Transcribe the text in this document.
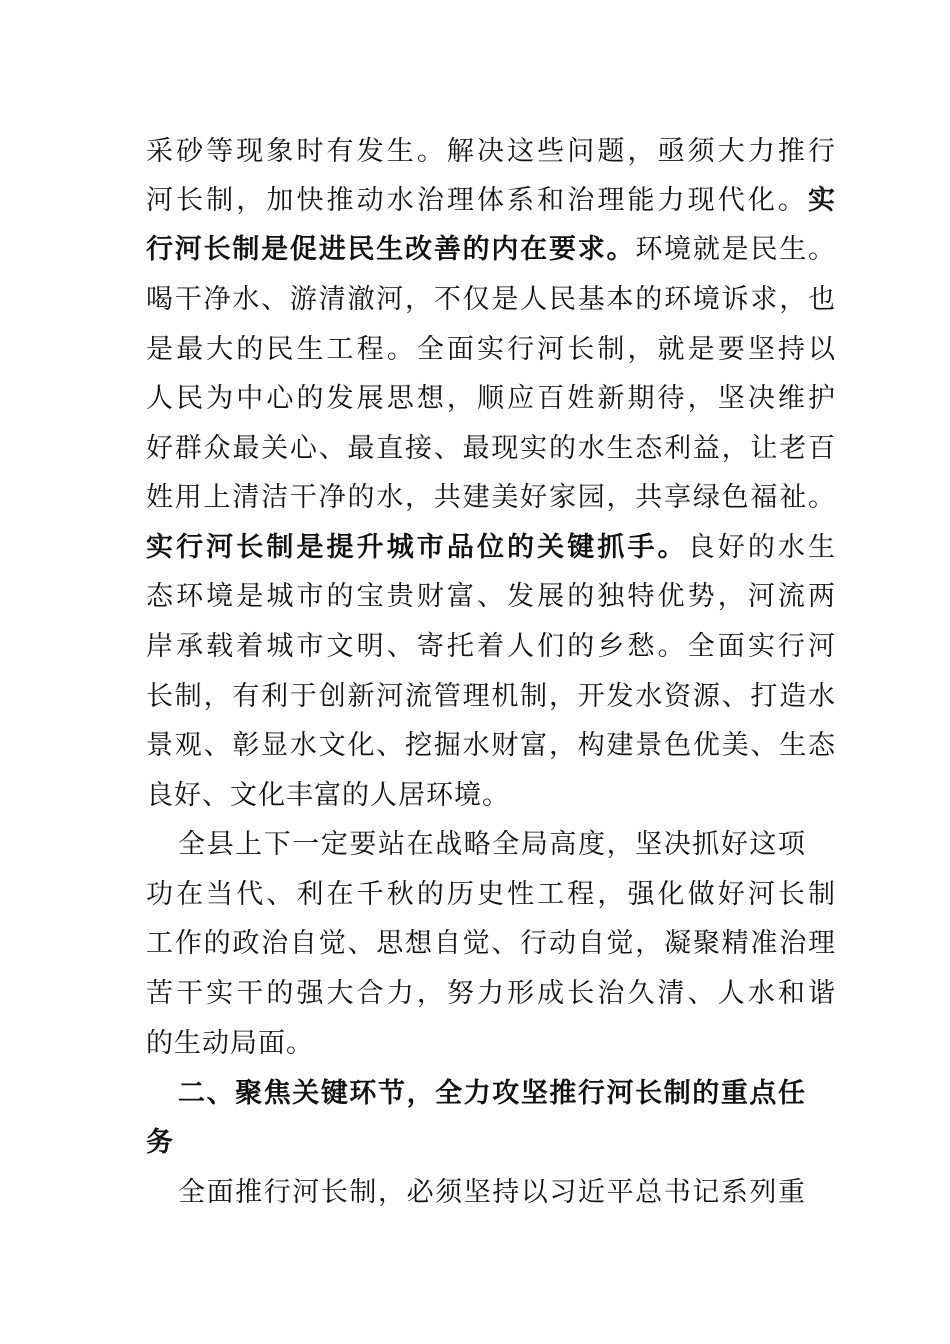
采砂等现象时有发生。解决这些问题，亟须大力推行
河长制，加快推动水治理体系和治理能力现代化。实
行河长制是促进民生改善的内在要求。环境就是民生。
喝干净水、游清澈河，不仅是人民基本的环境诉求，也
是最大的民生工程。全面实行河长制，就是要坚持以
人民为中心的发展思想，顺应百姓新期待，坚决维护
好群众最关心、最直接、最现实的水生态利益，让老百
姓用上清洁干净的水，共建美好家园，共享绿色福祉。
实行河长制是提升城市品位的关键抓手。良好的水生
态环境是城市的宝贵财富、发展的独特优势，河流两
岸承载着城市文明、寄托着人们的乡愁。全面实行河
长制，有利于创新河流管理机制，开发水资源、打造水
景观、彰显水文化、挖掘水财富，构建景色优美、生态
良好、文化丰富的人居环境。
全县上下一定要站在战略全局高度，坚决抓好这项
功在当代、利在千秋的历史性工程，强化做好河长制
工作的政治自觉、思想自觉、行动自觉，凝聚精准治理
苦干实干的强大合力，努力形成长治久清、人水和谐
的生动局面。
二、聚焦关键环节，全力攻坚推行河长制的重点任
务
全面推行河长制，必须坚持以习近平总书记系列重
